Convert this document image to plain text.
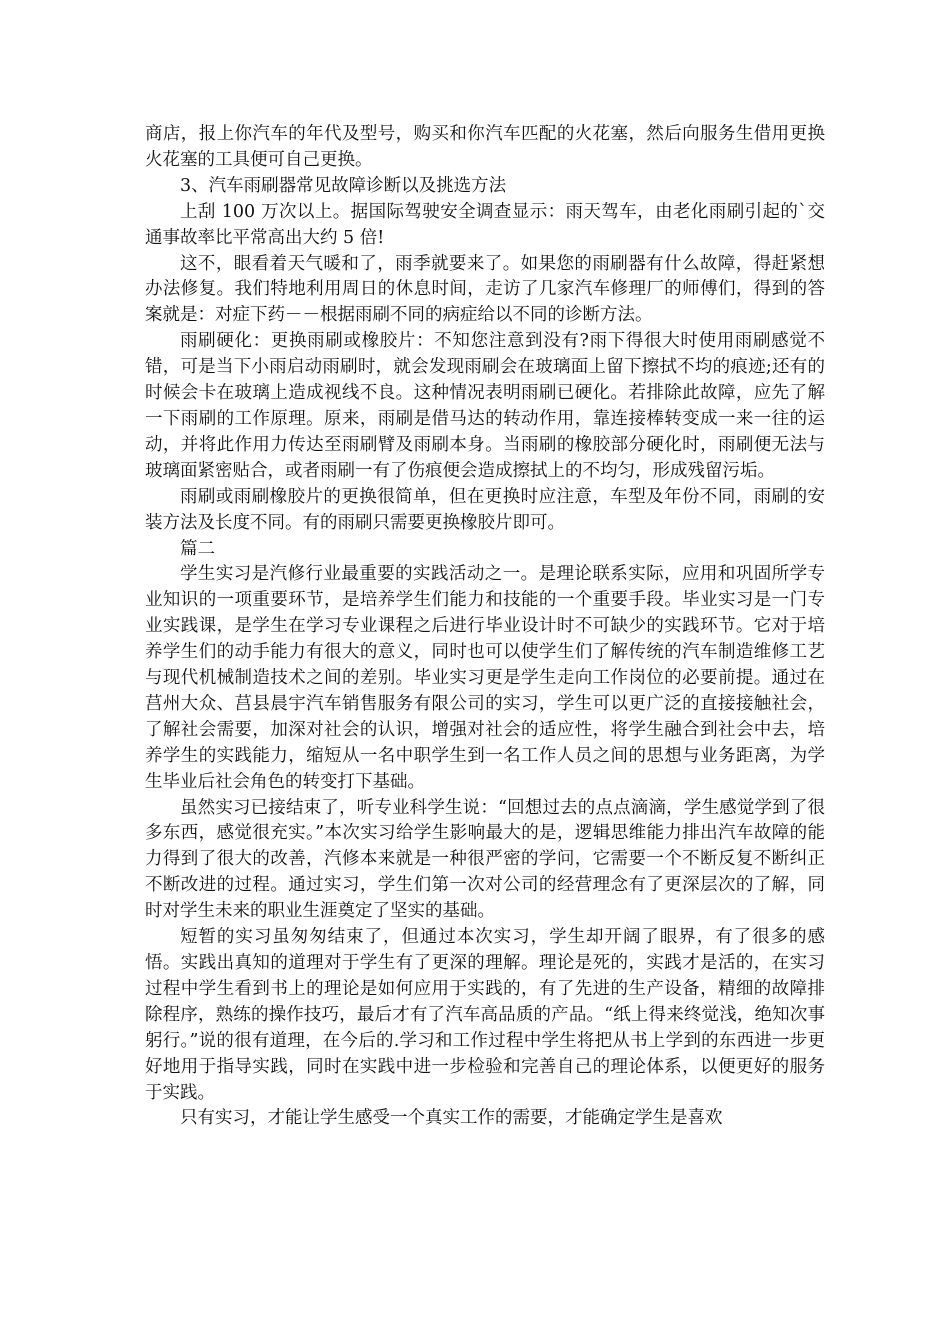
商店，报上你汽车的年代及型号，购买和你汽车匹配的火花塞，然后向服务生借用更换火花塞的工具便可自己更换。

3、汽车雨刷器常见故障诊断以及挑选方法

上刮 100 万次以上。据国际驾驶安全调查显示：雨天驾车，由老化雨刷引起的`交通事故率比平常高出大约 5 倍!

这不，眼看着天气暖和了，雨季就要来了。如果您的雨刷器有什么故障，得赶紧想办法修复。我们特地利用周日的休息时间，走访了几家汽车修理厂的师傅们，得到的答案就是：对症下药－－根据雨刷不同的病症给以不同的诊断方法。

雨刷硬化：更换雨刷或橡胶片：不知您注意到没有?雨下得很大时使用雨刷感觉不错，可是当下小雨启动雨刷时，就会发现雨刷会在玻璃面上留下擦拭不均的痕迹;还有的时候会卡在玻璃上造成视线不良。这种情况表明雨刷已硬化。若排除此故障，应先了解一下雨刷的工作原理。原来，雨刷是借马达的转动作用，靠连接棒转变成一来一往的运动，并将此作用力传达至雨刷臂及雨刷本身。当雨刷的橡胶部分硬化时，雨刷便无法与玻璃面紧密贴合，或者雨刷一有了伤痕便会造成擦拭上的不均匀，形成残留污垢。

雨刷或雨刷橡胶片的更换很简单，但在更换时应注意，车型及年份不同，雨刷的安装方法及长度不同。有的雨刷只需要更换橡胶片即可。

篇二

学生实习是汽修行业最重要的实践活动之一。是理论联系实际，应用和巩固所学专业知识的一项重要环节，是培养学生们能力和技能的一个重要手段。毕业实习是一门专业实践课，是学生在学习专业课程之后进行毕业设计时不可缺少的实践环节。它对于培养学生们的动手能力有很大的意义，同时也可以使学生们了解传统的汽车制造维修工艺与现代机械制造技术之间的差别。毕业实习更是学生走向工作岗位的必要前提。通过在莒州大众、莒县晨宇汽车销售服务有限公司的实习，学生可以更广泛的直接接触社会，了解社会需要，加深对社会的认识，增强对社会的适应性，将学生融合到社会中去，培养学生的实践能力，缩短从一名中职学生到一名工作人员之间的思想与业务距离，为学生毕业后社会角色的转变打下基础。

虽然实习已接结束了，听专业科学生说：“回想过去的点点滴滴，学生感觉学到了很多东西，感觉很充实。”本次实习给学生影响最大的是，逻辑思维能力排出汽车故障的能力得到了很大的改善，汽修本来就是一种很严密的学问，它需要一个不断反复不断纠正不断改进的过程。通过实习，学生们第一次对公司的经营理念有了更深层次的了解，同时对学生未来的职业生涯奠定了坚实的基础。

短暂的实习虽匆匆结束了，但通过本次实习，学生却开阔了眼界，有了很多的感悟。实践出真知的道理对于学生有了更深的理解。理论是死的，实践才是活的，在实习过程中学生看到书上的理论是如何应用于实践的，有了先进的生产设备，精细的故障排除程序，熟练的操作技巧，最后才有了汽车高品质的产品。“纸上得来终觉浅，绝知次事躬行。”说的很有道理，在今后的.学习和工作过程中学生将把从书上学到的东西进一步更好地用于指导实践，同时在实践中进一步检验和完善自己的理论体系，以便更好的服务于实践。

只有实习，才能让学生感受一个真实工作的需要，才能确定学生是喜欢
